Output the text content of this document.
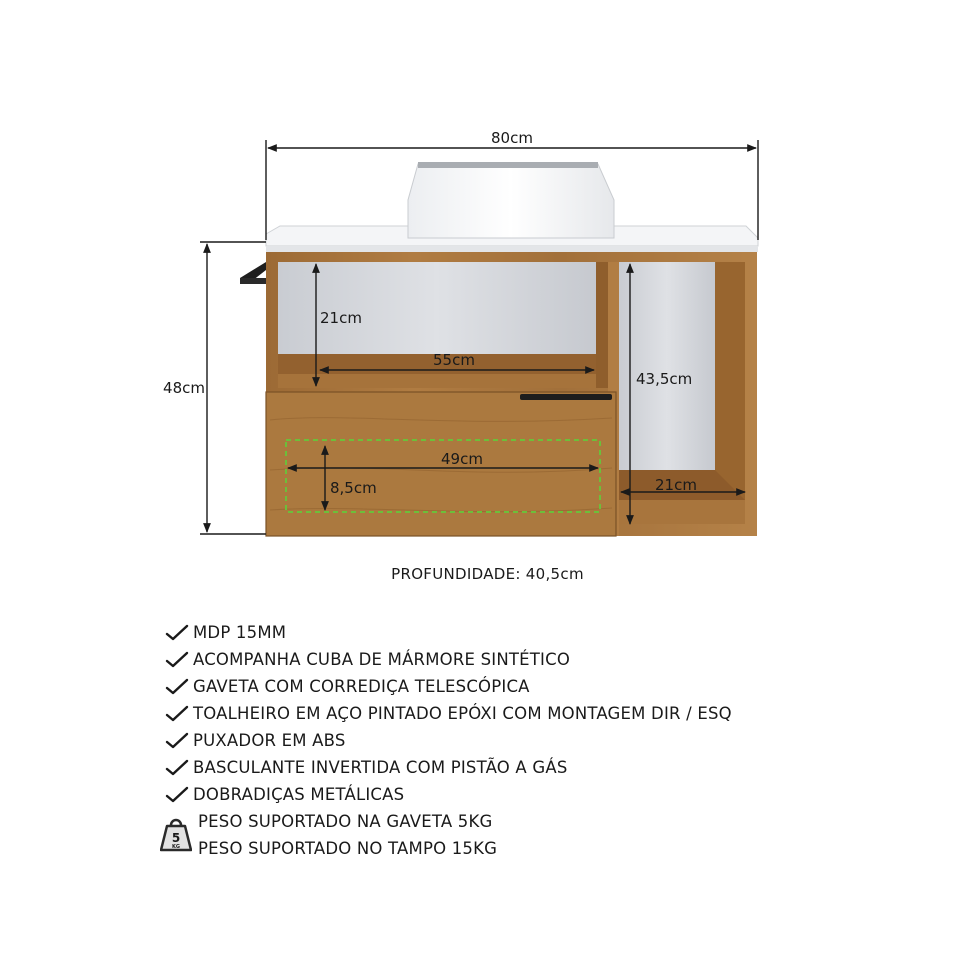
80cm
48cm
21cm
55cm
43,5cm
49cm
8,5cm	21cm
PROFUNDIDADE: 40,5cm
MDP 15MM
ACOMPANHA CUBA DE MÁRMORE SINTÉTICO
GAVETA COM CORREDIÇA TELESCÓPICA
TOALHEIRO EM AÇO PINTADO EPÓXI COM MONTAGEM DIR / ESQ
PUXADOR EM ABS
BASCULANTE INVERTIDA COM PISTÃO A GÁS
DOBRADIÇAS METÁLICAS
5
KG
PESO SUPORTADO NA GAVETA 5KG
PESO SUPORTADO NO TAMPO 15KG
